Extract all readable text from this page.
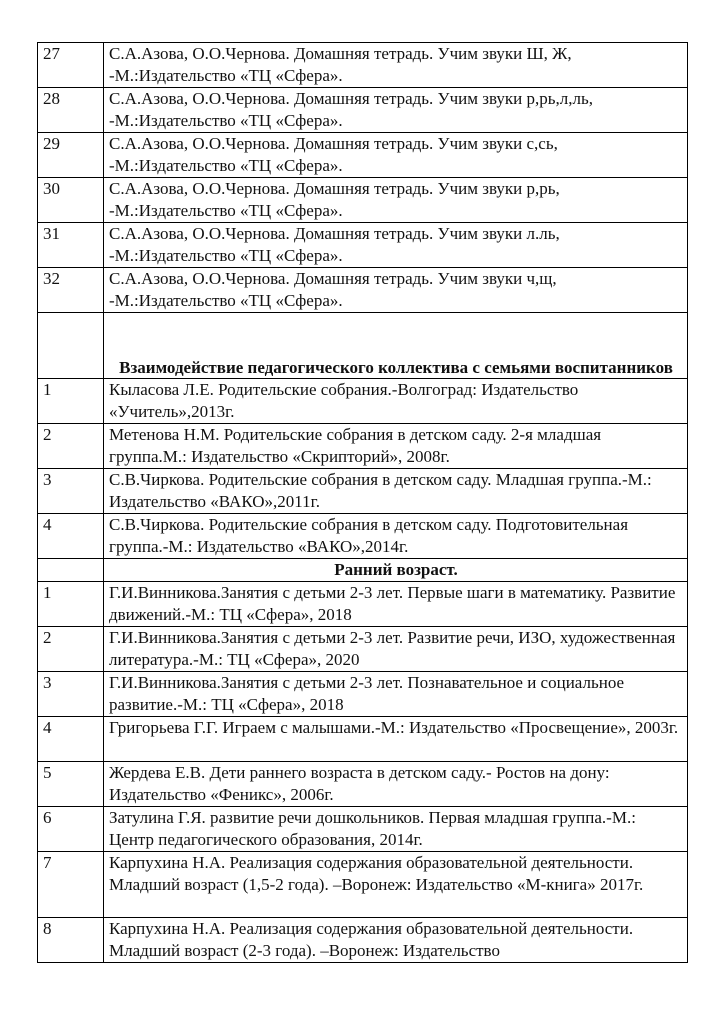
27	С.А.Азова, О.О.Чернова. Домашняя тетрадь. Учим звуки Ш, Ж, -М.:Издательство «ТЦ «Сфера».
28	С.А.Азова, О.О.Чернова. Домашняя тетрадь. Учим звуки р,рь,л,ль, -М.:Издательство «ТЦ «Сфера».
29	С.А.Азова, О.О.Чернова. Домашняя тетрадь. Учим звуки с,сь, -М.:Издательство «ТЦ «Сфера».
30	С.А.Азова, О.О.Чернова. Домашняя тетрадь. Учим звуки р,рь, -М.:Издательство «ТЦ «Сфера».
31	С.А.Азова, О.О.Чернова. Домашняя тетрадь. Учим звуки л.ль, -М.:Издательство «ТЦ «Сфера».
32	С.А.Азова, О.О.Чернова. Домашняя тетрадь. Учим звуки ч,щ, -М.:Издательство «ТЦ «Сфера».
	Взаимодействие педагогического коллектива с семьями воспитанников
1	Кыласова Л.Е. Родительские собрания.-Волгоград: Издательство «Учитель»,2013г.
2	Метенова Н.М. Родительские собрания в детском саду. 2-я младшая группа.М.: Издательство «Скрипторий», 2008г.
3	С.В.Чиркова. Родительские собрания в детском саду. Младшая группа.-М.: Издательство «ВАКО»,2011г.
4	С.В.Чиркова. Родительские собрания в детском саду. Подготовительная группа.-М.: Издательство «ВАКО»,2014г.
	Ранний возраст.
1	Г.И.Винникова.Занятия с детьми 2-3 лет. Первые шаги в математику. Развитие движений.-М.: ТЦ «Сфера», 2018
2	Г.И.Винникова.Занятия с детьми 2-3 лет. Развитие речи, ИЗО, художественная литература.-М.: ТЦ «Сфера», 2020
3	Г.И.Винникова.Занятия с детьми 2-3 лет. Познавательное и социальное развитие.-М.: ТЦ «Сфера», 2018
4	Григорьева Г.Г. Играем с малышами.-М.: Издательство «Просвещение», 2003г.
5	Жердева Е.В. Дети раннего возраста в детском саду.- Ростов на дону: Издательство «Феникс», 2006г.
6	Затулина Г.Я. развитие речи дошкольников. Первая младшая группа.-М.: Центр педагогического образования, 2014г.
7	Карпухина Н.А. Реализация содержания образовательной деятельности. Младший возраст (1,5-2 года). –Воронеж: Издательство «М-книга» 2017г.
8	Карпухина Н.А. Реализация содержания образовательной деятельности. Младший возраст (2-3 года). –Воронеж: Издательство
